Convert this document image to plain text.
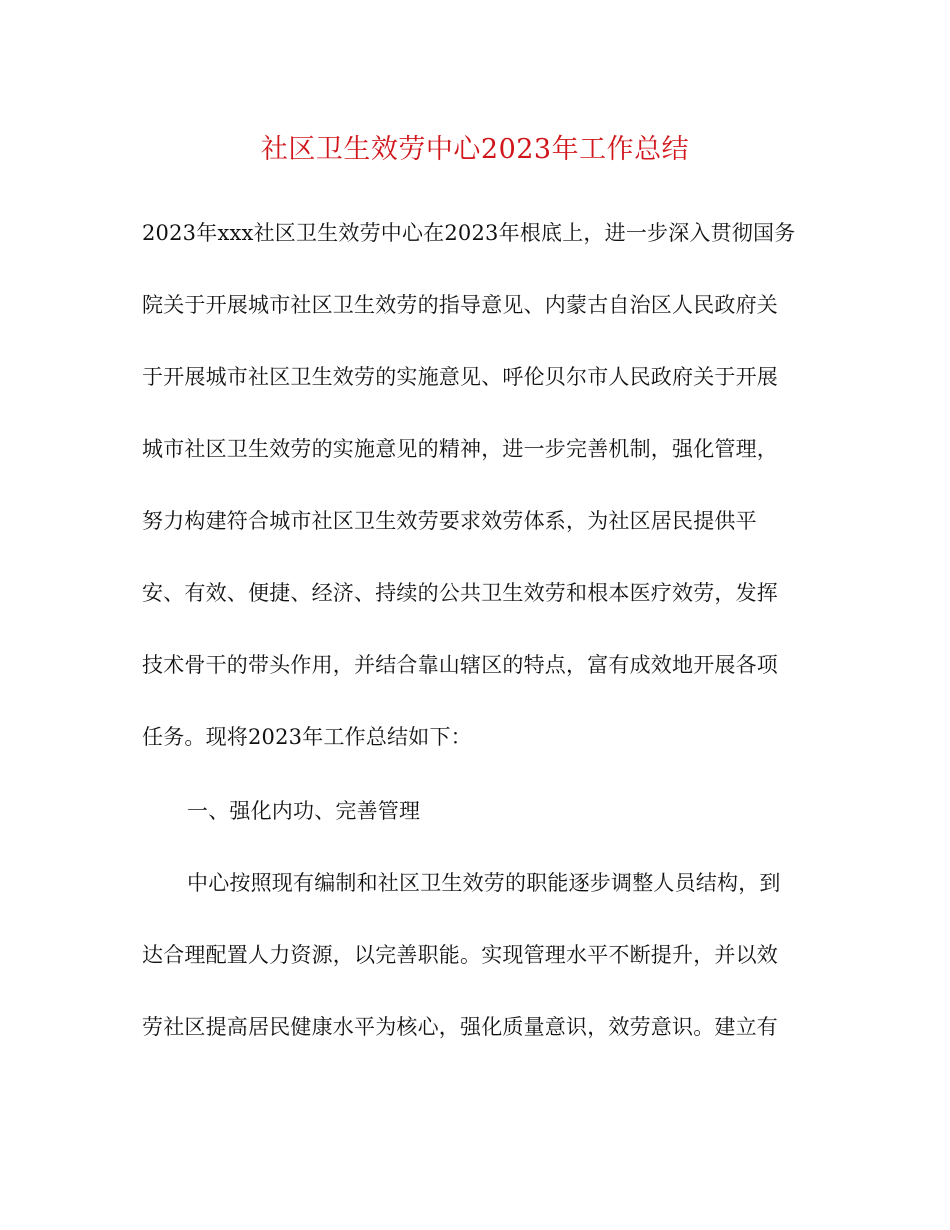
社区卫生效劳中心2023年工作总结
2023年xxx社区卫生效劳中心在2023年根底上，进一步深入贯彻国务
院关于开展城市社区卫生效劳的指导意见、内蒙古自治区人民政府关
于开展城市社区卫生效劳的实施意见、呼伦贝尔市人民政府关于开展
城市社区卫生效劳的实施意见的精神，进一步完善机制，强化管理，
努力构建符合城市社区卫生效劳要求效劳体系，为社区居民提供平
安、有效、便捷、经济、持续的公共卫生效劳和根本医疗效劳，发挥
技术骨干的带头作用，并结合靠山辖区的特点，富有成效地开展各项
任务。现将2023年工作总结如下：
一、强化内功、完善管理
中心按照现有编制和社区卫生效劳的职能逐步调整人员结构，到
达合理配置人力资源，以完善职能。实现管理水平不断提升，并以效
劳社区提高居民健康水平为核心，强化质量意识，效劳意识。建立有
